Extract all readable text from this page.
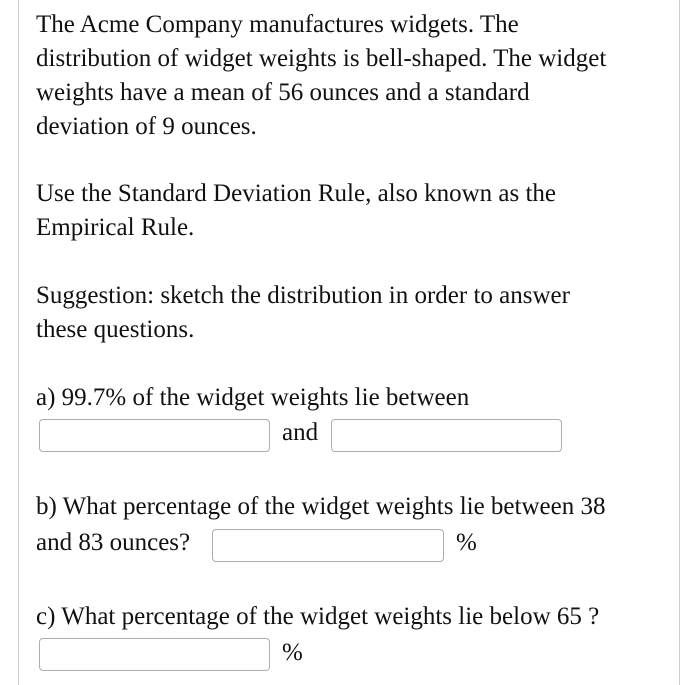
The Acme Company manufactures widgets. The
distribution of widget weights is bell-shaped. The widget
weights have a mean of 56 ounces and a standard
deviation of 9 ounces.
Use the Standard Deviation Rule, also known as the
Empirical Rule.
Suggestion: sketch the distribution in order to answer
these questions.
a) 99.7% of the widget weights lie between
and
b) What percentage of the widget weights lie between 38
and 83 ounces?	%
c) What percentage of the widget weights lie below 65 ?
%
